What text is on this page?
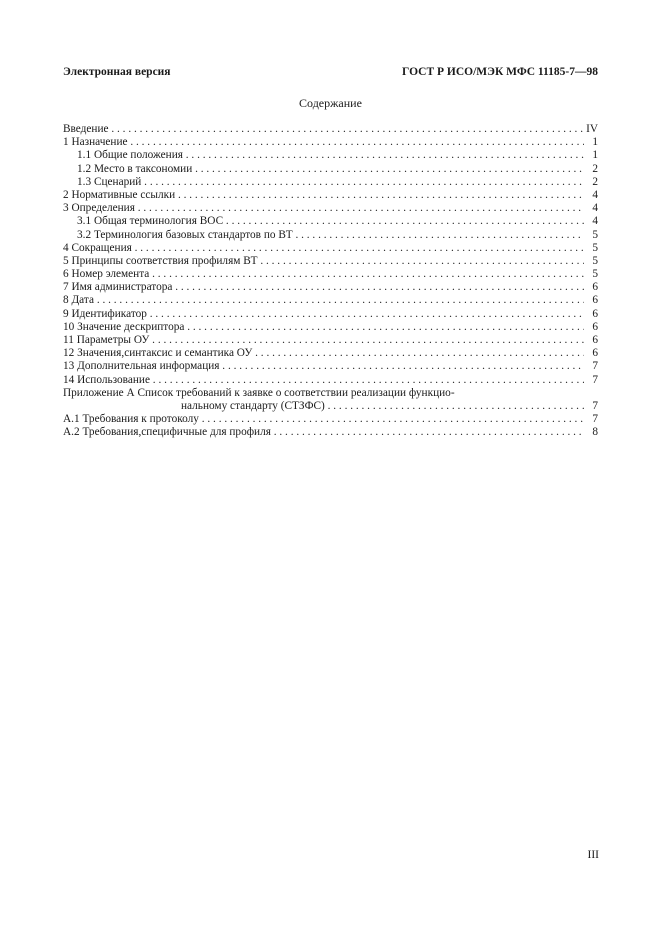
Электронная версия	ГОСТ Р ИСО/МЭК МФС 11185-7—98
Содержание
Введение . . .	IV
1 Назначение . . .	1
1.1 Общие положения . . .	1
1.2 Место в таксономии . . .	2
1.3 Сценарий . . .	2
2 Нормативные ссылки . . .	4
3 Определения . . .	4
3.1 Общая терминология ВОС . . .	4
3.2 Терминология базовых стандартов по ВТ . . .	5
4 Сокращения . . .	5
5 Принципы соответствия профилям ВТ . . .	5
6 Номер элемента . . .	5
7 Имя администратора . . .	6
8 Дата . . .	6
9 Идентификатор . . .	6
10 Значение дескриптора . . .	6
11 Параметры ОУ . . .	6
12 Значения,синтаксис и семантика ОУ . . .	6
13 Дополнительная информация . . .	7
14 Использование . . .	7
Приложение А Список требований к заявке о соответствии реализации функцио-
нальному стандарту (СТЗФС) . . .	7
А.1 Требования к протоколу . . .	7
А.2 Требования,специфичные для профиля . . .	8
III
